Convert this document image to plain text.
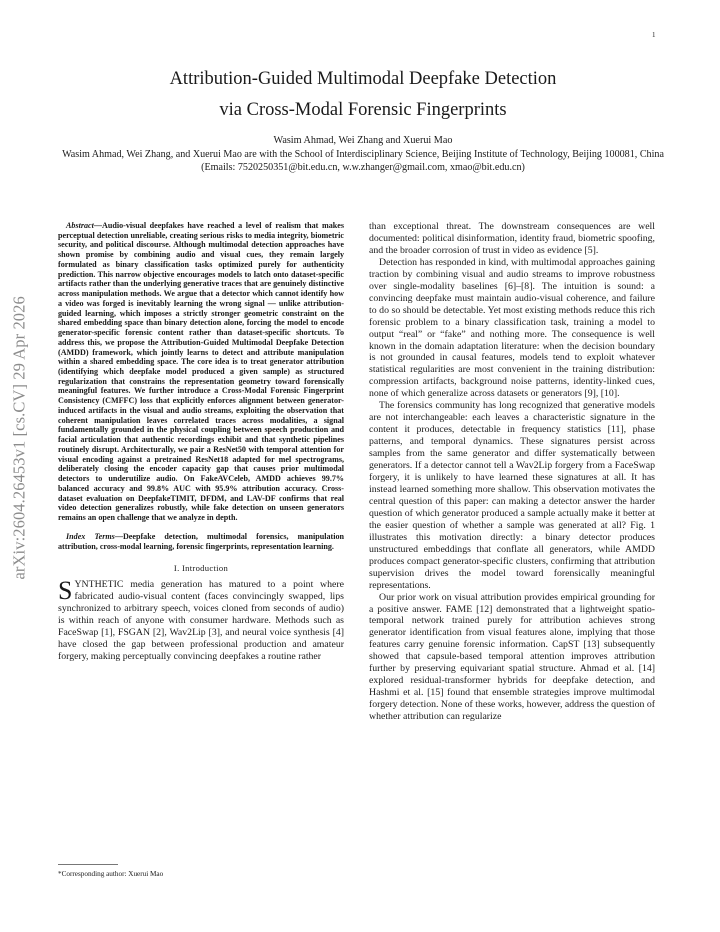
1
arXiv:2604.26453v1 [cs.CV] 29 Apr 2026
Attribution-Guided Multimodal Deepfake Detection
via Cross-Modal Forensic Fingerprints
Wasim Ahmad, Wei Zhang and Xuerui Mao
Wasim Ahmad, Wei Zhang, and Xuerui Mao are with the School of Interdisciplinary Science, Beijing Institute of Technology, Beijing 100081, China (Emails: 7520250351@bit.edu.cn, w.w.zhanger@gmail.com, xmao@bit.edu.cn)

Abstract—Audio-visual deepfakes have reached a level of realism that makes perceptual detection unreliable, creating serious risks to media integrity, biometric security, and political discourse. Although multimodal detection approaches have shown promise by combining audio and visual cues, they remain largely formulated as binary classification tasks optimized purely for authenticity prediction. This narrow objective encourages models to latch onto dataset-specific artifacts rather than the underlying generative traces that are genuinely distinctive across manipulation methods. We argue that a detector which cannot identify how a video was forged is inevitably learning the wrong signal — unlike attribution-guided learning, which imposes a strictly stronger geometric constraint on the shared embedding space than binary detection alone, forcing the model to encode generator-specific forensic content rather than dataset-specific shortcuts. To address this, we propose the Attribution-Guided Multimodal Deepfake Detection (AMDD) framework, which jointly learns to detect and attribute manipulation within a shared embedding space. The core idea is to treat generator attribution (identifying which deepfake model produced a given sample) as structured regularization that constrains the representation geometry toward forensically meaningful features. We further introduce a Cross-Modal Forensic Fingerprint Consistency (CMFFC) loss that explicitly enforces alignment between generator-induced artifacts in the visual and audio streams, exploiting the observation that coherent manipulation leaves correlated traces across modalities, a signal fundamentally grounded in the physical coupling between speech production and facial articulation that authentic recordings exhibit and that synthetic pipelines routinely disrupt. Architecturally, we pair a ResNet50 with temporal attention for visual encoding against a pretrained ResNet18 adapted for mel spectrograms, deliberately closing the encoder capacity gap that causes prior multimodal detectors to underutilize audio. On FakeAVCeleb, AMDD achieves 99.7% balanced accuracy and 99.8% AUC with 95.9% attribution accuracy. Cross-dataset evaluation on DeepfakeTIMIT, DFDM, and LAV-DF confirms that real video detection generalizes robustly, while fake detection on unseen generators remains an open challenge that we analyze in depth.

Index Terms—Deepfake detection, multimodal forensics, manipulation attribution, cross-modal learning, forensic fingerprints, representation learning.

I. Introduction

SYNTHETIC media generation has matured to a point where fabricated audio-visual content (faces convincingly swapped, lips synchronized to arbitrary speech, voices cloned from seconds of audio) is within reach of anyone with consumer hardware. Methods such as FaceSwap [1], FSGAN [2], Wav2Lip [3], and neural voice synthesis [4] have closed the gap between professional production and amateur forgery, making perceptually convincing deepfakes a routine rather

*Corresponding author: Xuerui Mao

than exceptional threat. The downstream consequences are well documented: political disinformation, identity fraud, biometric spoofing, and the broader corrosion of trust in video as evidence [5].

Detection has responded in kind, with multimodal approaches gaining traction by combining visual and audio streams to improve robustness over single-modality baselines [6]–[8]. The intuition is sound: a convincing deepfake must maintain audio-visual coherence, and failure to do so should be detectable. Yet most existing methods reduce this rich forensic problem to a binary classification task, training a model to output “real” or “fake” and nothing more. The consequence is well known in the domain adaptation literature: when the decision boundary is not grounded in causal features, models tend to exploit whatever statistical regularities are most convenient in the training distribution: compression artifacts, background noise patterns, identity-linked cues, none of which generalize across datasets or generators [9], [10].

The forensics community has long recognized that generative models are not interchangeable: each leaves a characteristic signature in the content it produces, detectable in frequency statistics [11], phase patterns, and temporal dynamics. These signatures persist across samples from the same generator and differ systematically between generators. If a detector cannot tell a Wav2Lip forgery from a FaceSwap forgery, it is unlikely to have learned these signatures at all. It has instead learned something more shallow. This observation motivates the central question of this paper: can making a detector answer the harder question of which generator produced a sample actually make it better at the easier question of whether a sample was generated at all? Fig. 1 illustrates this motivation directly: a binary detector produces unstructured embeddings that conflate all generators, while AMDD produces compact generator-specific clusters, confirming that attribution supervision drives the model toward forensically meaningful representations.

Our prior work on visual attribution provides empirical grounding for a positive answer. FAME [12] demonstrated that a lightweight spatio-temporal network trained purely for attribution achieves strong generator identification from visual features alone, implying that those features carry genuine forensic information. CapST [13] subsequently showed that capsule-based temporal attention improves attribution further by preserving equivariant spatial structure. Ahmad et al. [14] explored residual-transformer hybrids for deepfake detection, and Hashmi et al. [15] found that ensemble strategies improve multimodal forgery detection. None of these works, however, address the question of whether attribution can regularize
